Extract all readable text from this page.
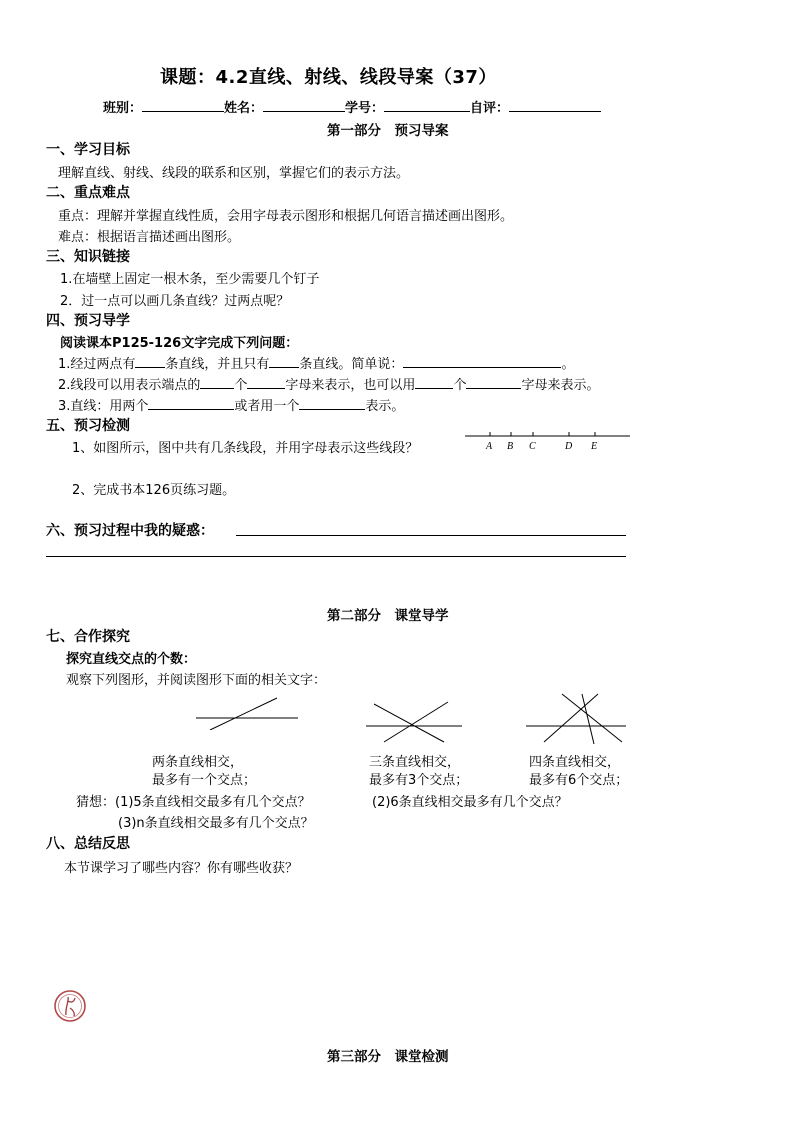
课题：4.2直线、射线、线段导案（37）
班别：	姓名：	学号：	自评：
第一部分　预习导案
一、学习目标
理解直线、射线、线段的联系和区别，掌握它们的表示方法。
二、重点难点
重点：理解并掌握直线性质，会用字母表示图形和根据几何语言描述画出图形。
难点：根据语言描述画出图形。
三、知识链接
1.在墙壁上固定一根木条，至少需要几个钉子
2．过一点可以画几条直线？过两点呢？
四、预习导学
阅读课本P125-126文字完成下列问题：
1.经过两点有 条直线，并且只有 条直线。简单说：	。
2.线段可以用表示端点的	个	字母来表示，也可以用	个	字母来表示。
3.直线：用两个	或者用一个	表示。
五、预习检测
1、如图所示，图中共有几条线段，并用字母表示这些线段？	A B C	D E
2、完成书本126页练习题。
六、预习过程中我的疑惑：
第二部分　课堂导学
七、合作探究
探究直线交点的个数：
观察下列图形，并阅读图形下面的相关文字：
两条直线相交，
最多有一个交点；
三条直线相交，
最多有3个交点；
四条直线相交，
最多有6个交点；
猜想：(1)5条直线相交最多有几个交点？	(2)6条直线相交最多有几个交点？
(3)n条直线相交最多有几个交点？
八、总结反思
本节课学习了哪些内容？你有哪些收获？
第三部分　课堂检测
